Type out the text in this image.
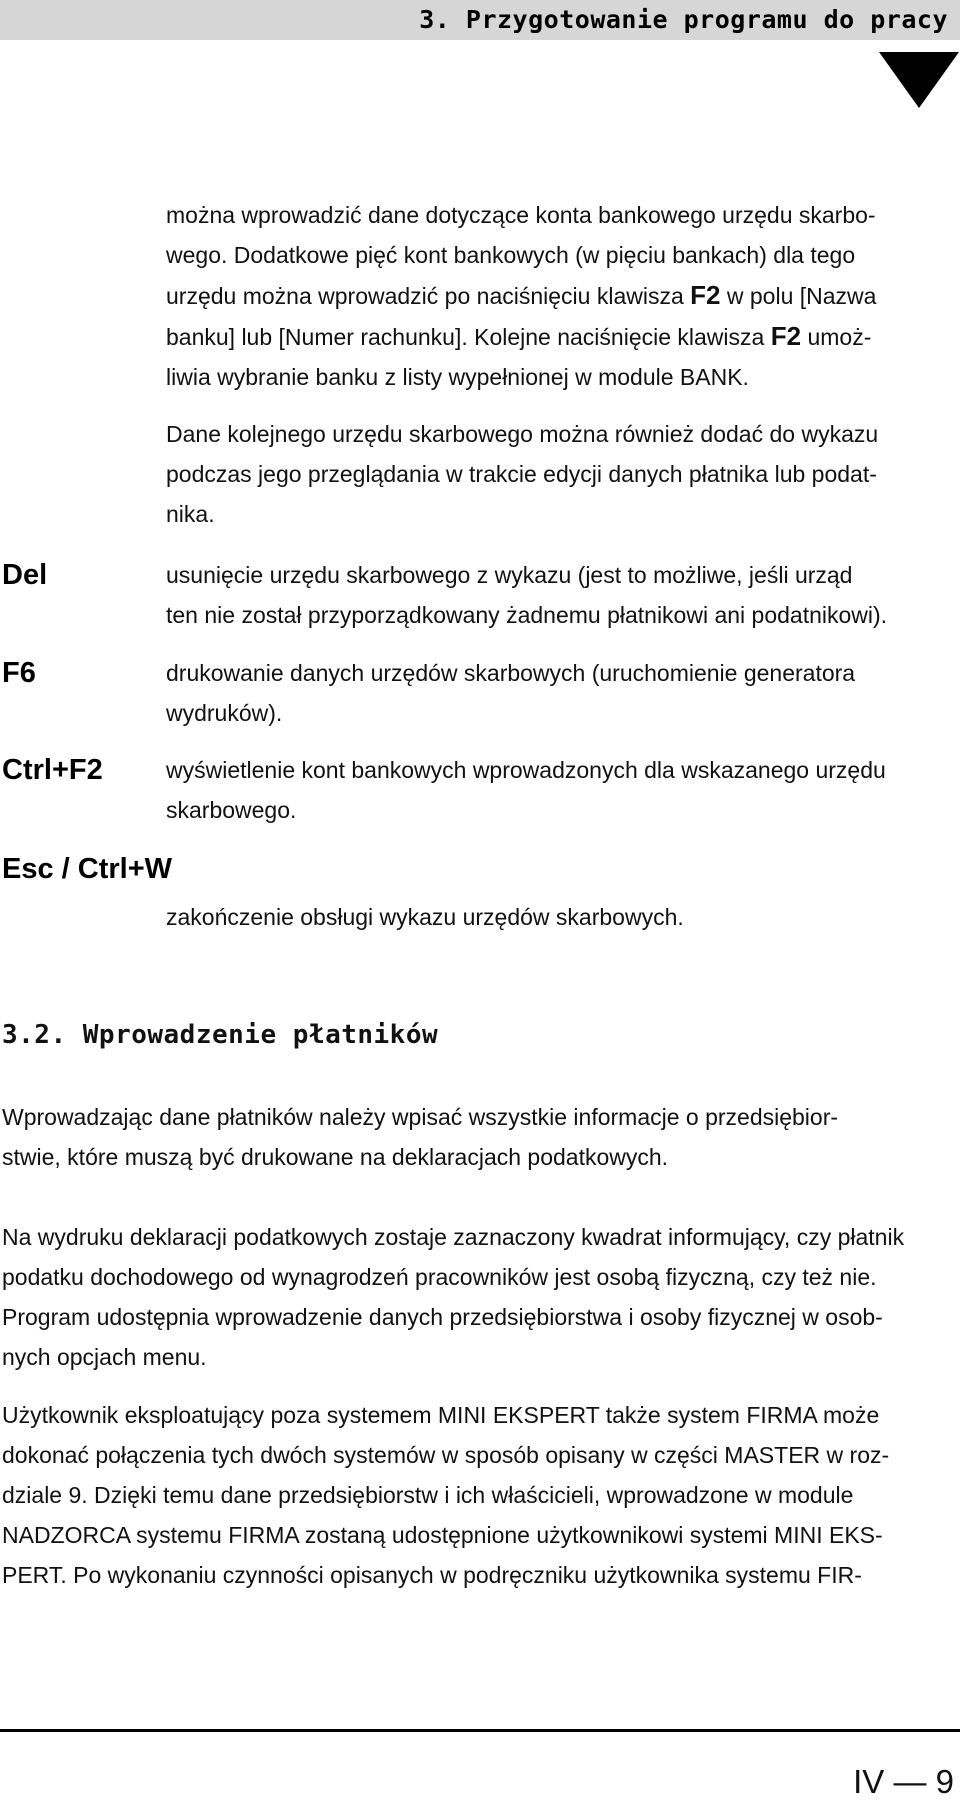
3. Przygotowanie programu do pracy
można wprowadzić dane dotyczące konta bankowego urzędu skarbo-
wego. Dodatkowe pięć kont bankowych (w pięciu bankach) dla tego
urzędu można wprowadzić po naciśnięciu klawisza F2 w polu [Nazwa
banku] lub [Numer rachunku]. Kolejne naciśnięcie klawisza F2 umoż-
liwia wybranie banku z listy wypełnionej w module BANK.
Dane kolejnego urzędu skarbowego można również dodać do wykazu
podczas jego przeglądania w trakcie edycji danych płatnika lub podat-
nika.
Del	usunięcie urzędu skarbowego z wykazu (jest to możliwe, jeśli urząd
ten nie został przyporządkowany żadnemu płatnikowi ani podatnikowi).
F6	drukowanie danych urzędów skarbowych (uruchomienie generatora
wydruków).
Ctrl+F2	wyświetlenie kont bankowych wprowadzonych dla wskazanego urzędu
skarbowego.
Esc / Ctrl+W
zakończenie obsługi wykazu urzędów skarbowych.
3.2. Wprowadzenie płatników
Wprowadzając dane płatników należy wpisać wszystkie informacje o przedsiębior-
stwie, które muszą być drukowane na deklaracjach podatkowych.
Na wydruku deklaracji podatkowych zostaje zaznaczony kwadrat informujący, czy płatnik
podatku dochodowego od wynagrodzeń pracowników jest osobą fizyczną, czy też nie.
Program udostępnia wprowadzenie danych przedsiębiorstwa i osoby fizycznej w osob-
nych opcjach menu.
Użytkownik eksploatujący poza systemem MINI EKSPERT także system FIRMA może
dokonać połączenia tych dwóch systemów w sposób opisany w części MASTER w roz-
dziale 9. Dzięki temu dane przedsiębiorstw i ich właścicieli, wprowadzone w module
NADZORCA systemu FIRMA zostaną udostępnione użytkownikowi systemi MINI EKS-
PERT. Po wykonaniu czynności opisanych w podręczniku użytkownika systemu FIR-
IV — 9
